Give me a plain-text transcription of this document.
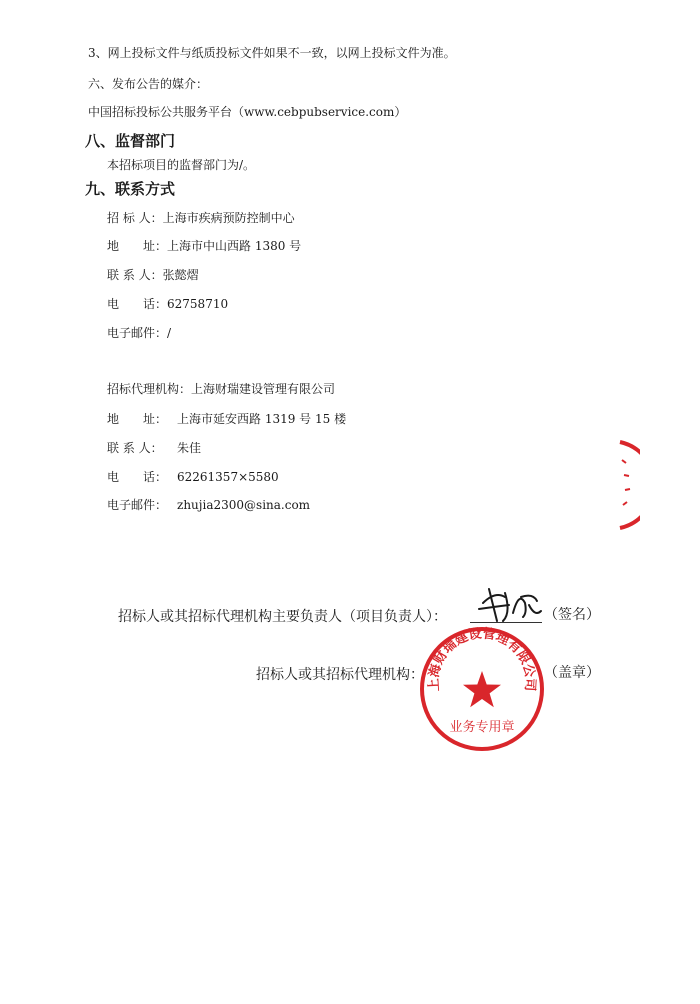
3、网上投标文件与纸质投标文件如果不一致，以网上投标文件为准。
六、发布公告的媒介：
中国招标投标公共服务平台（www.cebpubservice.com）
八、监督部门
本招标项目的监督部门为/。
九、联系方式
招 标 人：上海市疾病预防控制中心
地　　址：上海市中山西路 1380 号
联 系 人：张懿熠
电　　话：62758710
电子邮件：/
招标代理机构：上海财瑞建设管理有限公司
地　　址： 上海市延安西路 1319 号 15 楼
联 系 人： 朱佳
电　　话： 62261357×5580
电子邮件： zhujia2300@sina.com
招标人或其招标代理机构主要负责人（项目负责人）：	（签名）
招标人或其招标代理机构：	（盖章）
上海财瑞建设管理有限公司
业务专用章
